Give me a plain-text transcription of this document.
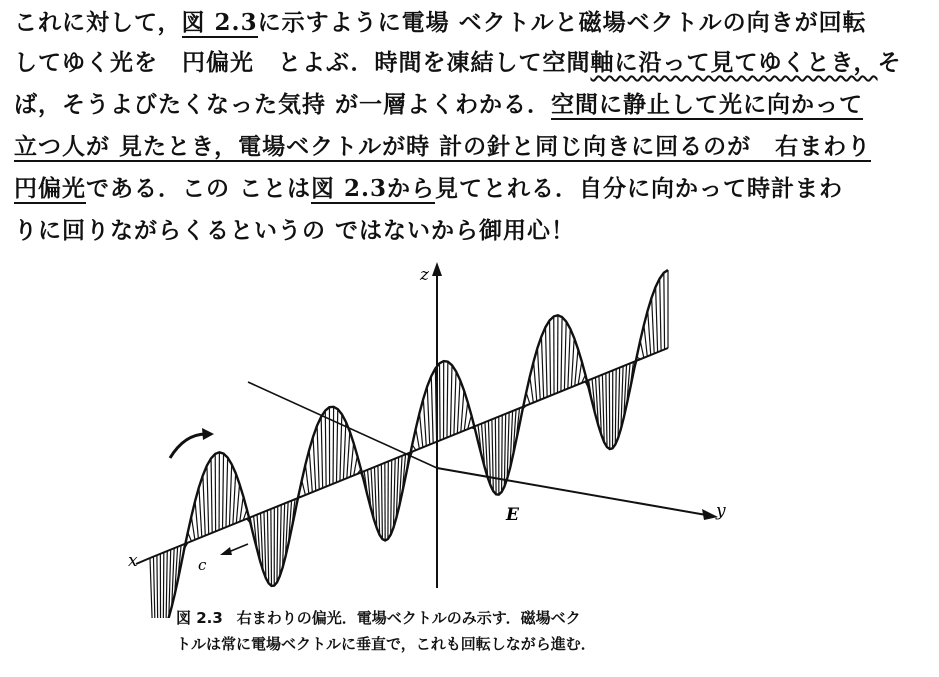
これに対して，図 2.3に示すように電場 ベクトルと磁場ベクトルの向きが回転
してゆく光を　円偏光　とよぶ．時間を凍結して空間軸に沿って見てゆくとき，そ
ば，そうよびたくなった気持 が一層よくわかる．空間に静止して光に向かって
立つ人が 見たとき，電場ベクトルが時 計の針と同じ向きに回るのが　右まわり
円偏光である．この ことは図 2.3から見てとれる．自分に向かって時計まわ
りに回りながらくるというの ではないから御用心！
z
y
x
E
c
図 2.3 右まわりの偏光．電場ベクトルのみ示す．磁場ベク
トルは常に電場ベクトルに垂直で，これも回転しながら進む．
